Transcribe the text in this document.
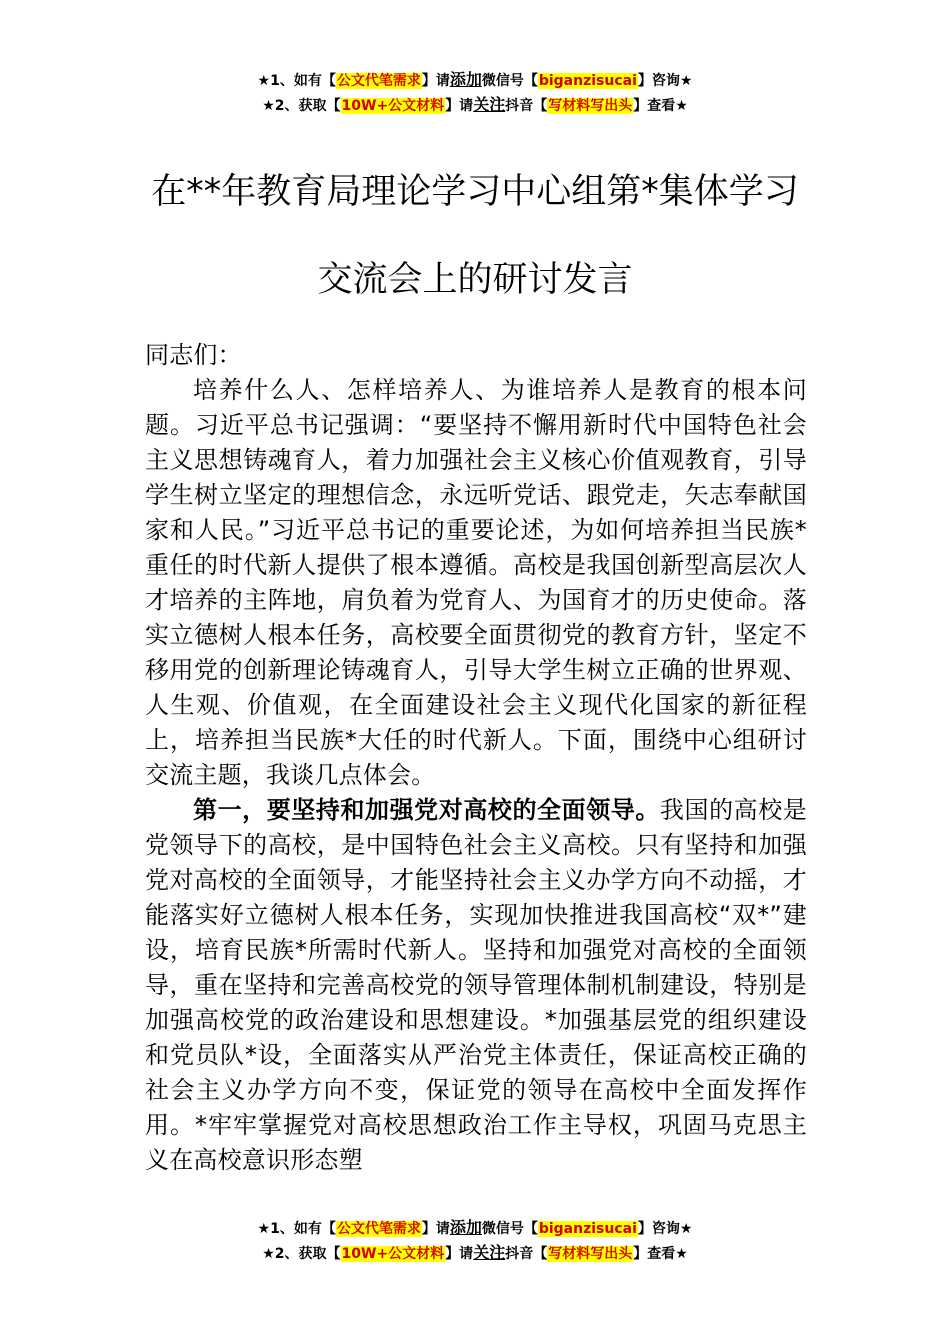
★1、如有【公文代笔需求】请添加微信号【biganzisucai】咨询★
★2、获取【10W+公文材料】请关注抖音【写材料写出头】查看★
在**年教育局理论学习中心组第*集体学习
交流会上的研讨发言

同志们：

培养什么人、怎样培养人、为谁培养人是教育的根本问题。习近平总书记强调：“要坚持不懈用新时代中国特色社会主义思想铸魂育人，着力加强社会主义核心价值观教育，引导学生树立坚定的理想信念，永远听党话、跟党走，矢志奉献国家和人民。”习近平总书记的重要论述，为如何培养担当民族*重任的时代新人提供了根本遵循。高校是我国创新型高层次人才培养的主阵地，肩负着为党育人、为国育才的历史使命。落实立德树人根本任务，高校要全面贯彻党的教育方针，坚定不移用党的创新理论铸魂育人，引导大学生树立正确的世界观、人生观、价值观，在全面建设社会主义现代化国家的新征程上，培养担当民族*大任的时代新人。下面，围绕中心组研讨交流主题，我谈几点体会。

第一，要坚持和加强党对高校的全面领导。我国的高校是党领导下的高校，是中国特色社会主义高校。只有坚持和加强党对高校的全面领导，才能坚持社会主义办学方向不动摇，才能落实好立德树人根本任务，实现加快推进我国高校“双*”建设，培育民族*所需时代新人。坚持和加强党对高校的全面领导，重在坚持和完善高校党的领导管理体制机制建设，特别是加强高校党的政治建设和思想建设。*加强基层党的组织建设和党员队*设，全面落实从严治党主体责任，保证高校正确的社会主义办学方向不变，保证党的领导在高校中全面发挥作用。*牢牢掌握党对高校思想政治工作主导权，巩固马克思主义在高校意识形态塑

★1、如有【公文代笔需求】请添加微信号【biganzisucai】咨询★
★2、获取【10W+公文材料】请关注抖音【写材料写出头】查看★
